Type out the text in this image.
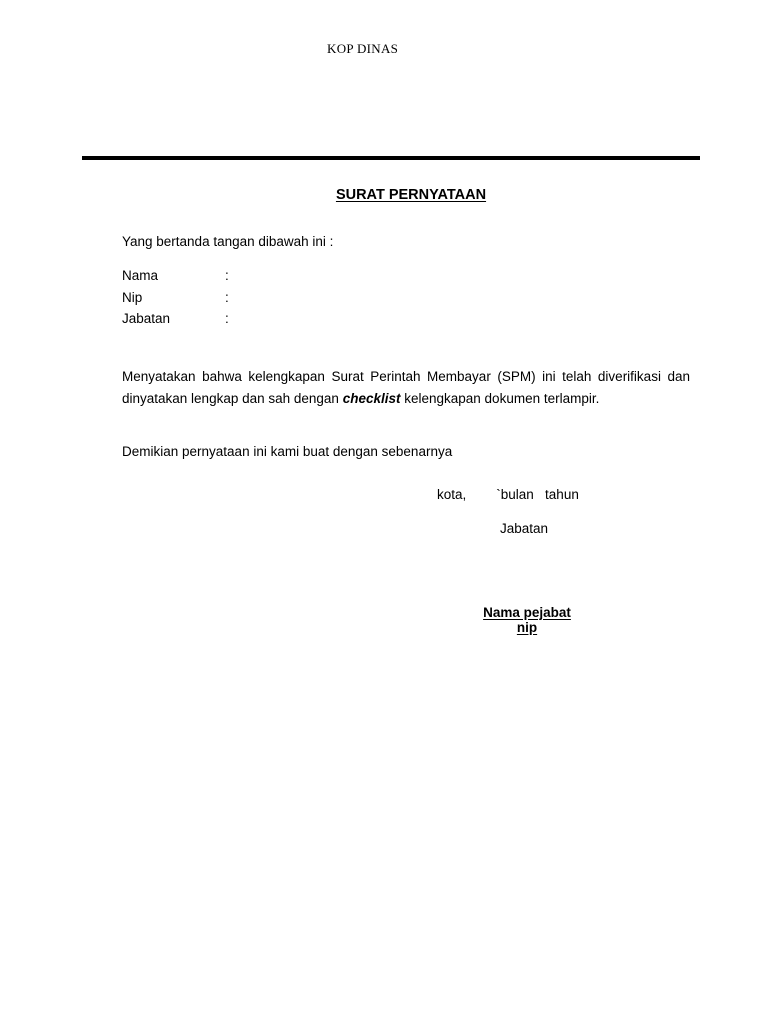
KOP DINAS
SURAT PERNYATAAN
Yang bertanda tangan dibawah ini :
Nama	:
Nip	:
Jabatan	:
Menyatakan bahwa kelengkapan Surat Perintah Membayar (SPM) ini telah diverifikasi dan dinyatakan lengkap dan sah dengan checklist kelengkapan dokumen terlampir.
Demikian pernyataan ini kami buat dengan sebenarnya
kota,        `bulan   tahun
Jabatan
Nama pejabat
nip
